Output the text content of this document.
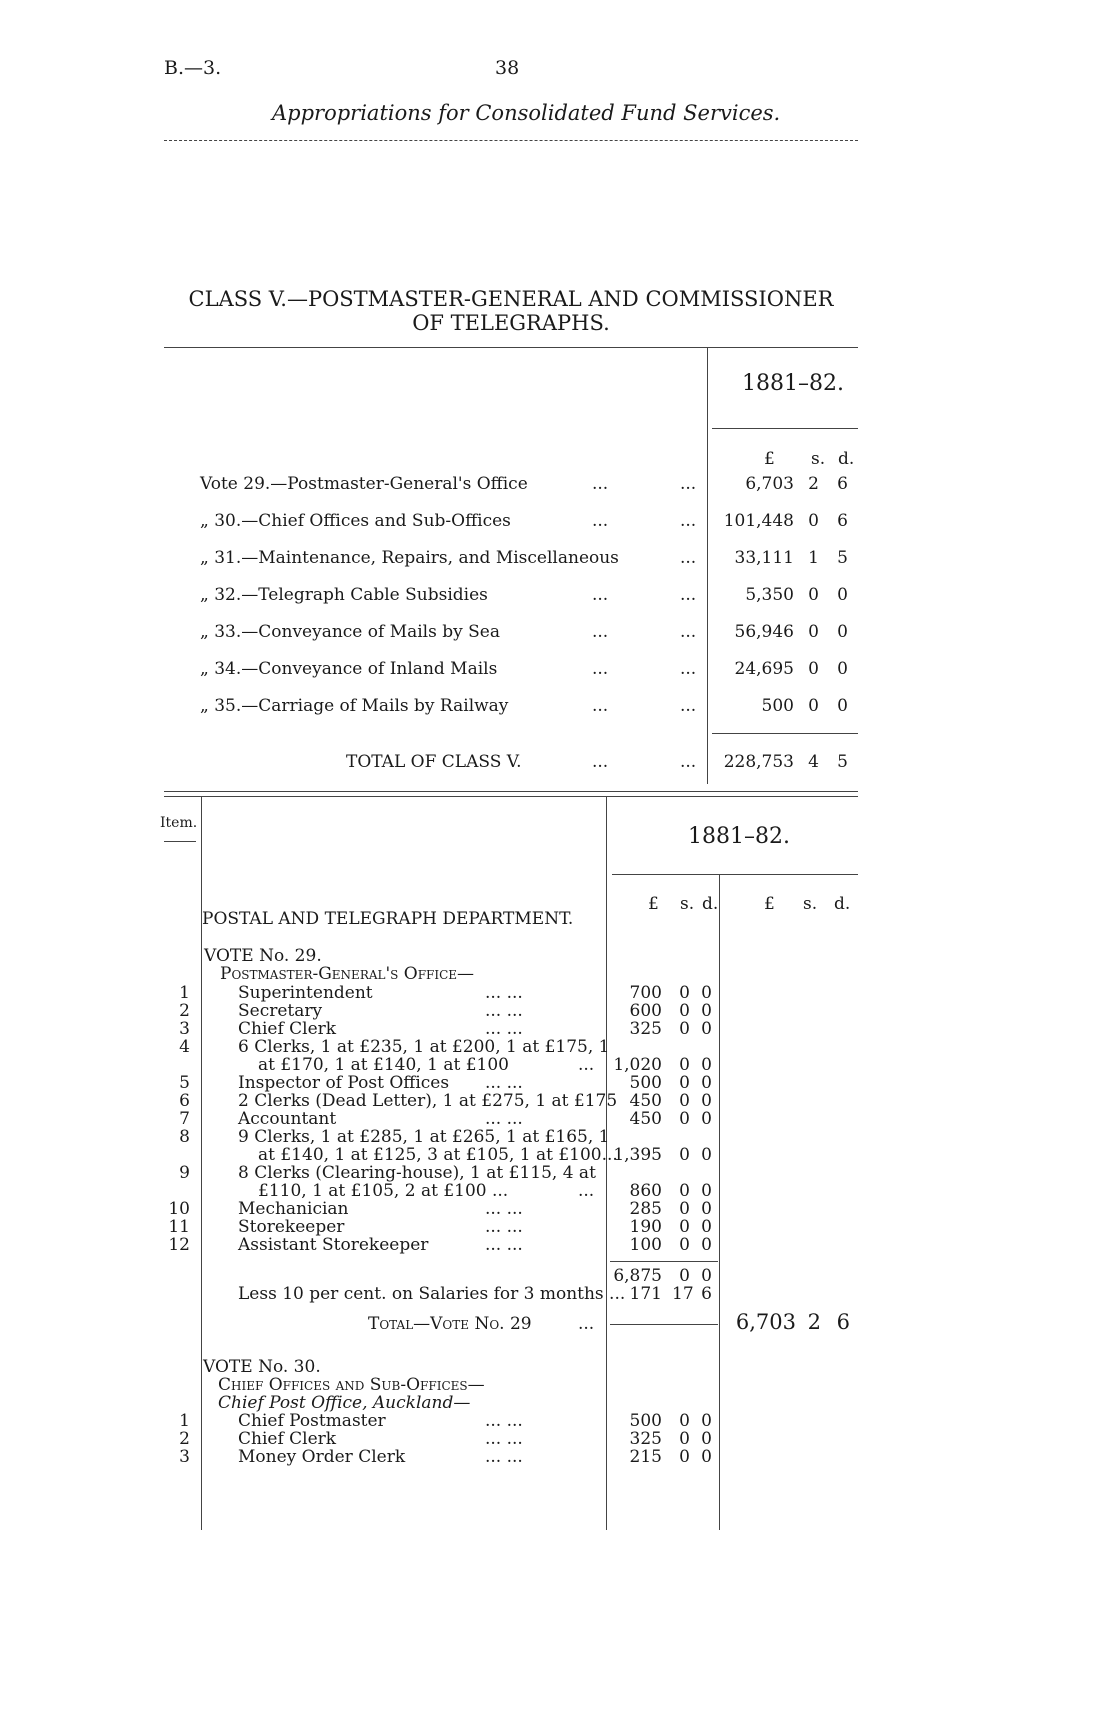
B.—3.	38
Appropriations for Consolidated Fund Services.
CLASS V.—POSTMASTER-GENERAL AND COMMISSIONER
OF TELEGRAPHS.
1881–82.
£ s. d.
Vote 29.—Postmaster-General's Office	...	...	6,703 2 6
„ 30.—Chief Offices and Sub-Offices	...	...	101,448 0 6
„ 31.—Maintenance, Repairs, and Miscellaneous	...	33,111 1 5
„ 32.—Telegraph Cable Subsidies	...	...	5,350 0 0
„ 33.—Conveyance of Mails by Sea	...	...	56,946 0 0
„ 34.—Conveyance of Inland Mails	...	...	24,695 0 0
„ 35.—Carriage of Mails by Railway	...	...	500 0 0
TOTAL OF CLASS V.	...	...	228,753 4 5
Item.
1881–82.
£ s. d.	£ s. d.
POSTAL AND TELEGRAPH DEPARTMENT.
VOTE No. 29.
Postmaster-General's Office—
1	Superintendent	... ...	700	0 0
2	Secretary	... ...	600	0 0
3	Chief Clerk	... ...	325	0 0
4	6 Clerks, 1 at £235, 1 at £200, 1 at £175, 1
at £170, 1 at £140, 1 at £100	... 1,020	0 0
5	Inspector of Post Offices ... ...	500	0 0
6	2 Clerks (Dead Letter), 1 at £275, 1 at £175 450	0 0
7	Accountant	... ...	450	0 0
8	9 Clerks, 1 at £285, 1 at £265, 1 at £165, 1
at £140, 1 at £125, 3 at £105, 1 at £100...
1,395	0 0
9	8 Clerks (Clearing-house), 1 at £115, 4 at
£110, 1 at £105, 2 at £100 ...	...	860	0 0
10	Mechanician	... ...	285	0 0
11	Storekeeper	... ...	190	0 0
12	Assistant Storekeeper	... ...	100	0 0
6,875	0 0
Less 10 per cent. on Salaries for 3 months ... 171 17 6
Total—Vote No. 29	...	6,703 2 6
VOTE No. 30.
Chief Offices and Sub-Offices—
Chief Post Office, Auckland—
1	Chief Postmaster	... ...	500	0 0
2	Chief Clerk	... ...	325	0 0
3	Money Order Clerk	... ...	215	0 0
